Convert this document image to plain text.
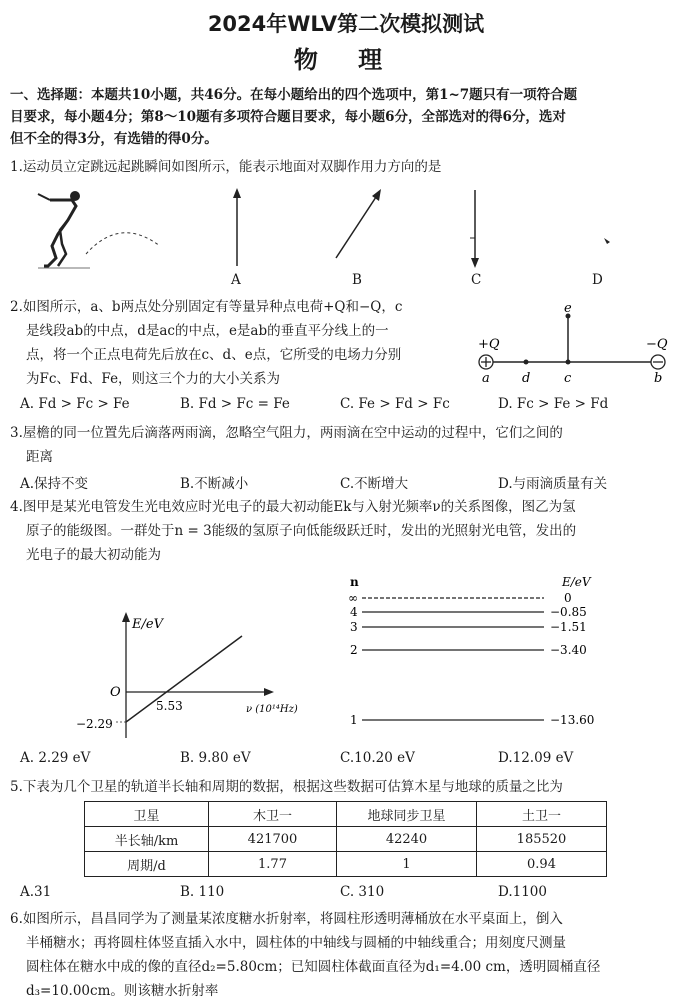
2024年WLV第二次模拟测试
物 理
一、选择题：本题共10小题，共46分。在每小题给出的四个选项中，第1~7题只有一项符合题
目要求，每小题4分；第8～10题有多项符合题目要求，每小题6分，全部选对的得6分，选对
但不全的得3分，有选错的得0分。
1.运动员立定跳远起跳瞬间如图所示，能表示地面对双脚作用力方向的是
A	B	C	D
2.如图所示，a、b两点处分别固定有等量异种点电荷+Q和−Q，c
是线段ab的中点，d是ac的中点，e是ab的垂直平分线上的一
点，将一个正点电荷先后放在c、d、e点，它所受的电场力分别
为Fc、Fd、Fe，则这三个力的大小关系为
+Q	−Q
a d	c	b
e
A. Fd > Fc > Fe	B. Fd > Fc = Fe	C. Fe > Fd > Fc	D. Fc > Fe > Fd
3.屋檐的同一位置先后滴落两雨滴，忽略空气阻力，两雨滴在空中运动的过程中，它们之间的
距离
A.保持不变	B.不断减小	C.不断增大	D.与雨滴质量有关
4.图甲是某光电管发生光电效应时光电子的最大初动能Ek与入射光频率ν的关系图像，图乙为氢
原子的能级图。一群处于n = 3能级的氢原子向低能级跃迁时，发出的光照射光电管，发出的
光电子的最大初动能为
E/eV
O
5.53
−2.29
ν (10¹⁴Hz)
n	E/eV
∞
4
3
2
1
0
−0.85
−1.51
−3.40
−13.60
A. 2.29 eV	B. 9.80 eV	C.10.20 eV	D.12.09 eV
5.下表为几个卫星的轨道半长轴和周期的数据，根据这些数据可估算木星与地球的质量之比为
卫星	木卫一	地球同步卫星	土卫一
半长轴/km	421700	42240	185520
周期/d	1.77	1	0.94
A.31	B. 110	C. 310	D.1100
6.如图所示，昌昌同学为了测量某浓度糖水折射率，将圆柱形透明薄桶放在水平桌面上，倒入
半桶糖水；再将圆柱体竖直插入水中，圆柱体的中轴线与圆桶的中轴线重合；用刻度尺测量
圆柱体在糖水中成的像的直径d₂=5.80cm；已知圆柱体截面直径为d₁=4.00 cm，透明圆桶直径
d₃=10.00cm。则该糖水折射率
